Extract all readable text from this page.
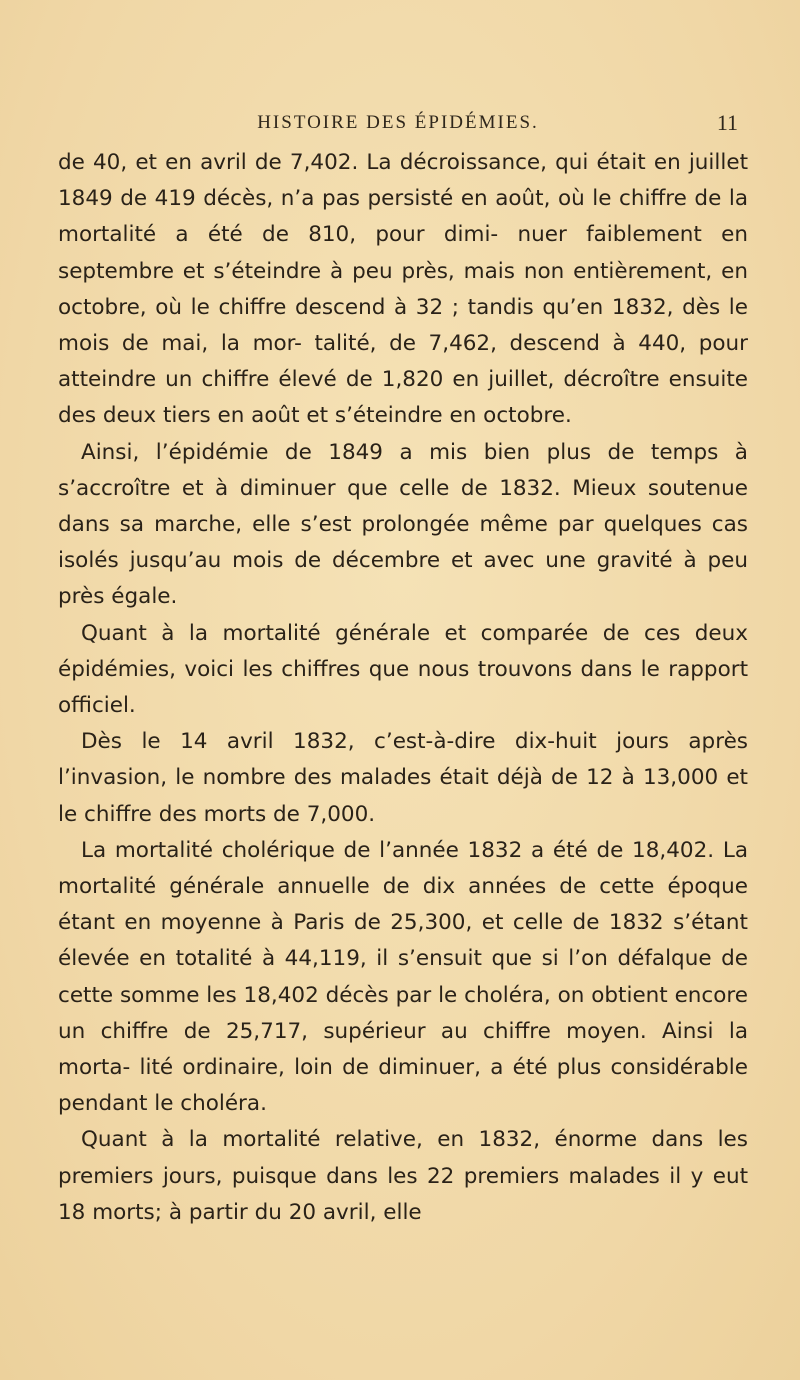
HISTOIRE DES ÉPIDÉMIES.	11

de 40, et en avril de 7,402. La décroissance, qui était en juillet 1849 de 419 décès, n’a pas persisté en août, où le chiffre de la mortalité a été de 810, pour dimi- nuer faiblement en septembre et s’éteindre à peu près, mais non entièrement, en octobre, où le chiffre descend à 32 ; tandis qu’en 1832, dès le mois de mai, la mor- talité, de 7,462, descend à 440, pour atteindre un chiffre élevé de 1,820 en juillet, décroître ensuite des deux tiers en août et s’éteindre en octobre.

Ainsi, l’épidémie de 1849 a mis bien plus de temps à s’accroître et à diminuer que celle de 1832. Mieux soutenue dans sa marche, elle s’est prolongée même par quelques cas isolés jusqu’au mois de décembre et avec une gravité à peu près égale.

Quant à la mortalité générale et comparée de ces deux épidémies, voici les chiffres que nous trouvons dans le rapport officiel.

Dès le 14 avril 1832, c’est-à-dire dix-huit jours après l’invasion, le nombre des malades était déjà de 12 à 13,000 et le chiffre des morts de 7,000.

La mortalité cholérique de l’année 1832 a été de 18,402. La mortalité générale annuelle de dix années de cette époque étant en moyenne à Paris de 25,300, et celle de 1832 s’étant élevée en totalité à 44,119, il s’ensuit que si l’on défalque de cette somme les 18,402 décès par le choléra, on obtient encore un chiffre de 25,717, supérieur au chiffre moyen. Ainsi la morta- lité ordinaire, loin de diminuer, a été plus considérable pendant le choléra.

Quant à la mortalité relative, en 1832, énorme dans les premiers jours, puisque dans les 22 premiers malades il y eut 18 morts; à partir du 20 avril, elle
